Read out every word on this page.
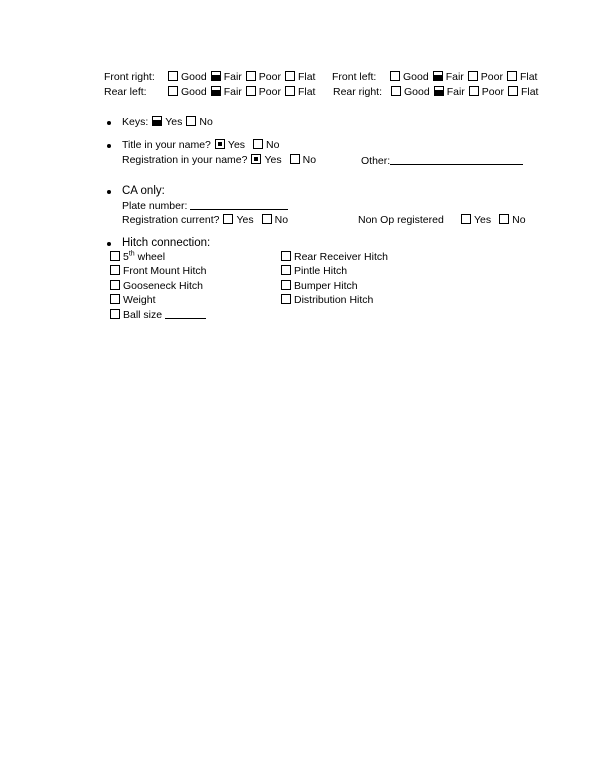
Front right: Good Fair Poor Flat Front left:	Good Fair Poor Flat
Rear left:	Good Fair Poor Flat Rear right: Good Fair Poor Flat
Keys: Yes No
Title in your name? Yes No
Registration in your name? Yes No	Other:
CA only:
Plate number:
Registration current? Yes No	Non Op registered	Yes No
Hitch connection:
5th wheel
Front Mount Hitch
Gooseneck Hitch
Weight
Ball size
Rear Receiver Hitch
Pintle Hitch
Bumper Hitch
Distribution Hitch
